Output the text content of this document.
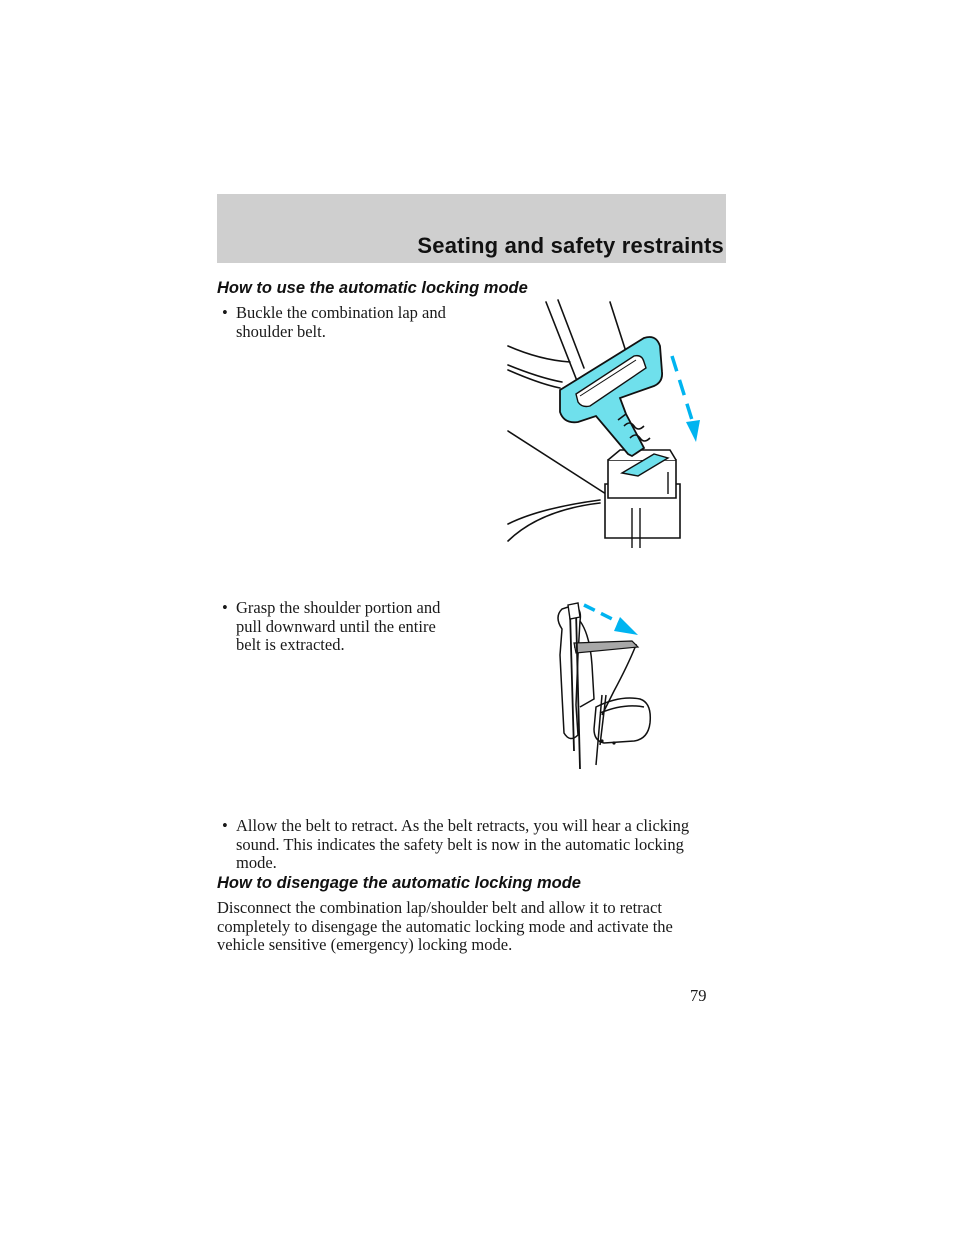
Seating and safety restraints
How to use the automatic locking mode
• Buckle the combination lap and
shoulder belt.
• Grasp the shoulder portion and
pull downward until the entire
belt is extracted.
• Allow the belt to retract. As the belt retracts, you will hear a clicking
sound. This indicates the safety belt is now in the automatic locking
mode.
How to disengage the automatic locking mode
Disconnect the combination lap/shoulder belt and allow it to retract
completely to disengage the automatic locking mode and activate the
vehicle sensitive (emergency) locking mode.
79
